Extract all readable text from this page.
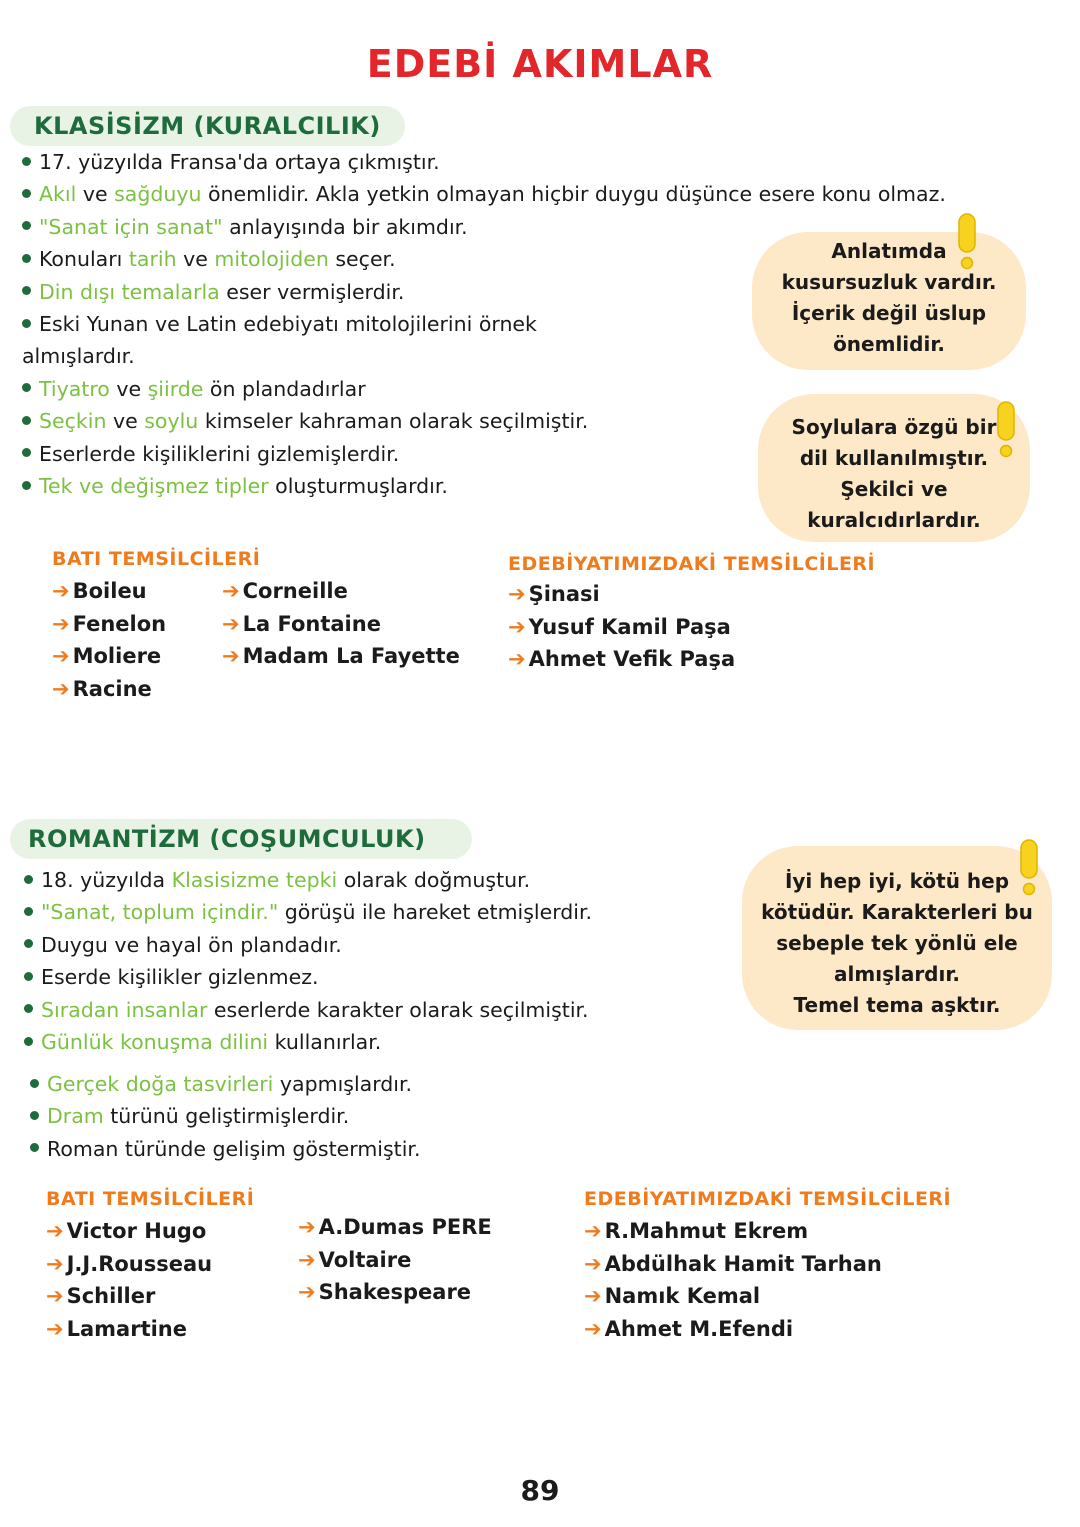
EDEBİ AKIMLAR
KLASİSİZM (KURALCILIK)
17. yüzyılda Fransa'da ortaya çıkmıştır.
Akıl ve sağduyu önemlidir. Akla yetkin olmayan hiçbir duygu düşünce esere konu olmaz.
"Sanat için sanat" anlayışında bir akımdır.
Konuları tarih ve mitolojiden seçer.
Din dışı temalarla eser vermişlerdir.
Eski Yunan ve Latin edebiyatı mitolojilerini örnek
almışlardır.
Tiyatro ve şiirde ön plandadırlar
Seçkin ve soylu kimseler kahraman olarak seçilmiştir.
Eserlerde kişiliklerini gizlemişlerdir.
Tek ve değişmez tipler oluşturmuşlardır.
Anlatımda
kusursuzluk vardır.
İçerik değil üslup
önemlidir.
Soylulara özgü bir
dil kullanılmıştır.
Şekilci ve
kuralcıdırlardır.
BATI TEMSİLCİLERİ
➔ Boileu
➔ Fenelon
➔ Moliere
➔ Racine
➔ Corneille
➔ La Fontaine
➔ Madam La Fayette
EDEBİYATIMIZDAKİ TEMSİLCİLERİ
➔ Şinasi
➔ Yusuf Kamil Paşa
➔ Ahmet Vefik Paşa
ROMANTİZM (COŞUMCULUK)
18. yüzyılda Klasisizme tepki olarak doğmuştur.
"Sanat, toplum içindir." görüşü ile hareket etmişlerdir.
Duygu ve hayal ön plandadır.
Eserde kişilikler gizlenmez.
Sıradan insanlar eserlerde karakter olarak seçilmiştir.
Günlük konuşma dilini kullanırlar.
Gerçek doğa tasvirleri yapmışlardır.
Dram türünü geliştirmişlerdir.
Roman türünde gelişim göstermiştir.
İyi hep iyi, kötü hep
kötüdür. Karakterleri bu
sebeple tek yönlü ele
almışlardır.
Temel tema aşktır.
BATI TEMSİLCİLERİ
➔ Victor Hugo
➔ J.J.Rousseau
➔ Schiller
➔ Lamartine
➔ A.Dumas PERE
➔ Voltaire
➔ Shakespeare
EDEBİYATIMIZDAKİ TEMSİLCİLERİ
➔ R.Mahmut Ekrem
➔ Abdülhak Hamit Tarhan
➔ Namık Kemal
➔ Ahmet M.Efendi
89
